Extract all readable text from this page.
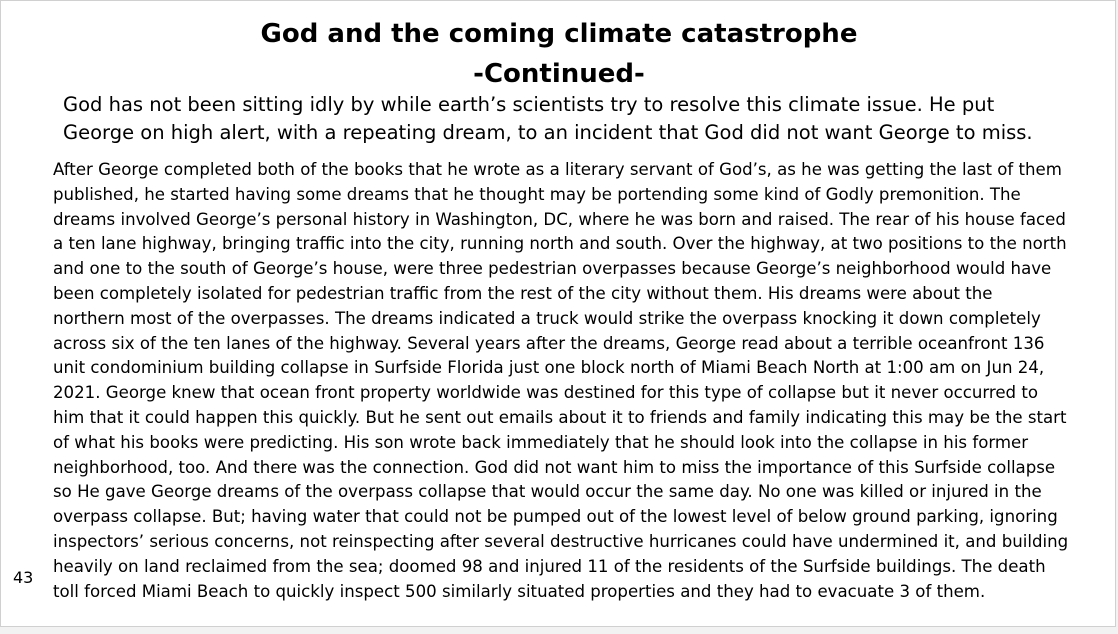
God and the coming climate catastrophe
-Continued-
God has not been sitting idly by while earth’s scientists try to resolve this climate issue. He put
George on high alert, with a repeating dream, to an incident that God did not want George to miss.
After George completed both of the books that he wrote as a literary servant of God’s, as he was getting the last of them
published, he started having some dreams that he thought may be portending some kind of Godly premonition. The
dreams involved George’s personal history in Washington, DC, where he was born and raised. The rear of his house faced
a ten lane highway, bringing traffic into the city, running north and south. Over the highway, at two positions to the north
and one to the south of George’s house, were three pedestrian overpasses because George’s neighborhood would have
been completely isolated for pedestrian traffic from the rest of the city without them. His dreams were about the
northern most of the overpasses. The dreams indicated a truck would strike the overpass knocking it down completely
across six of the ten lanes of the highway. Several years after the dreams, George read about a terrible oceanfront 136
unit condominium building collapse in Surfside Florida just one block north of Miami Beach North at 1:00 am on Jun 24,
2021. George knew that ocean front property worldwide was destined for this type of collapse but it never occurred to
him that it could happen this quickly. But he sent out emails about it to friends and family indicating this may be the start
of what his books were predicting. His son wrote back immediately that he should look into the collapse in his former
neighborhood, too. And there was the connection. God did not want him to miss the importance of this Surfside collapse
so He gave George dreams of the overpass collapse that would occur the same day. No one was killed or injured in the
overpass collapse. But; having water that could not be pumped out of the lowest level of below ground parking, ignoring
inspectors’ serious concerns, not reinspecting after several destructive hurricanes could have undermined it, and building
heavily on land reclaimed from the sea; doomed 98 and injured 11 of the residents of the Surfside buildings. The death
toll forced Miami Beach to quickly inspect 500 similarly situated properties and they had to evacuate 3 of them.
43
